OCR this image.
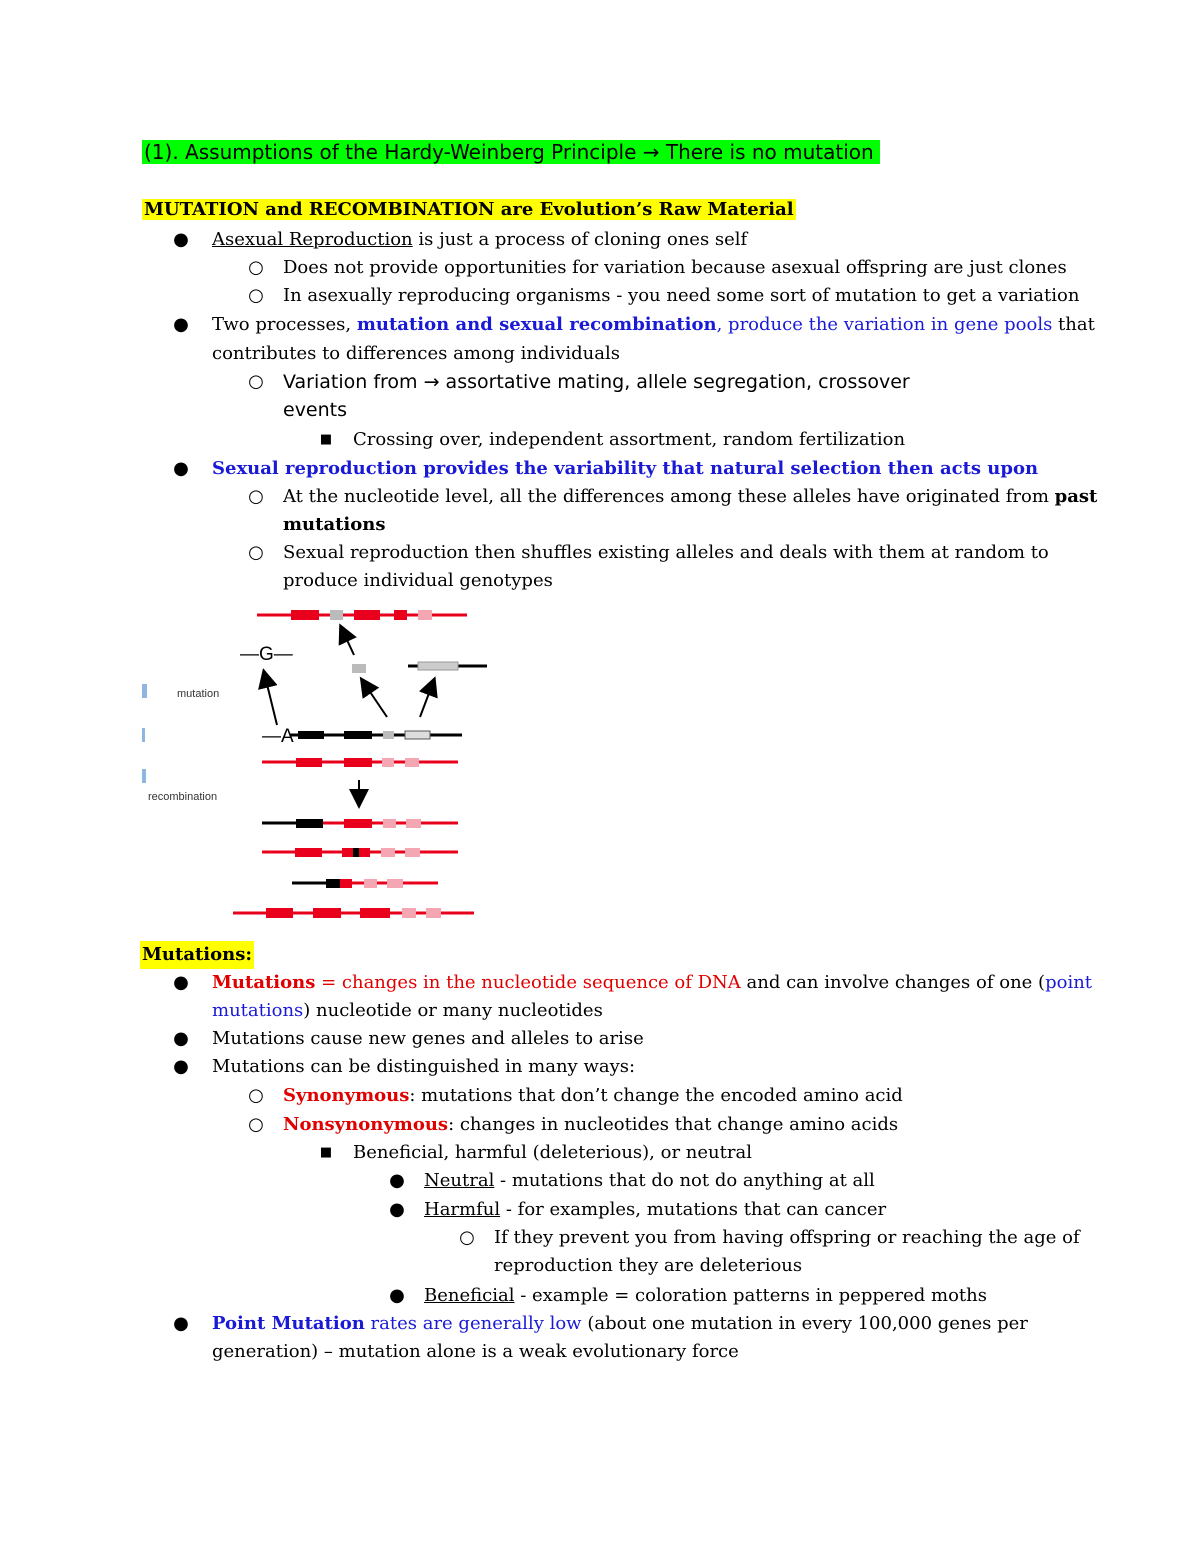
(1). Assumptions of the Hardy-Weinberg Principle → There is no mutation
MUTATION and RECOMBINATION are Evolution’s Raw Material
● Asexual Reproduction is just a process of cloning ones self
○ Does not provide opportunities for variation because asexual offspring are just clones
○ In asexually reproducing organisms - you need some sort of mutation to get a variation
● Two processes, mutation and sexual recombination, produce the variation in gene pools that
contributes to differences among individuals
○ Variation from → assortative mating, allele segregation, crossover
events
■ Crossing over, independent assortment, random fertilization
● Sexual reproduction provides the variability that natural selection then acts upon
○ At the nucleotide level, all the differences among these alleles have originated from past
mutations
○ Sexual reproduction then shuffles existing alleles and deals with them at random to
produce individual genotypes
mutation
recombination
—G—
—A
Mutations:
● Mutations = changes in the nucleotide sequence of DNA and can involve changes of one (point
mutations) nucleotide or many nucleotides
● Mutations cause new genes and alleles to arise
● Mutations can be distinguished in many ways:
○ Synonymous: mutations that don’t change the encoded amino acid
○ Nonsynonymous: changes in nucleotides that change amino acids
■ Beneficial, harmful (deleterious), or neutral
● Neutral - mutations that do not do anything at all
● Harmful - for examples, mutations that can cancer
○ If they prevent you from having offspring or reaching the age of
reproduction they are deleterious
● Beneficial - example = coloration patterns in peppered moths
● Point Mutation rates are generally low (about one mutation in every 100,000 genes per
generation) – mutation alone is a weak evolutionary force
